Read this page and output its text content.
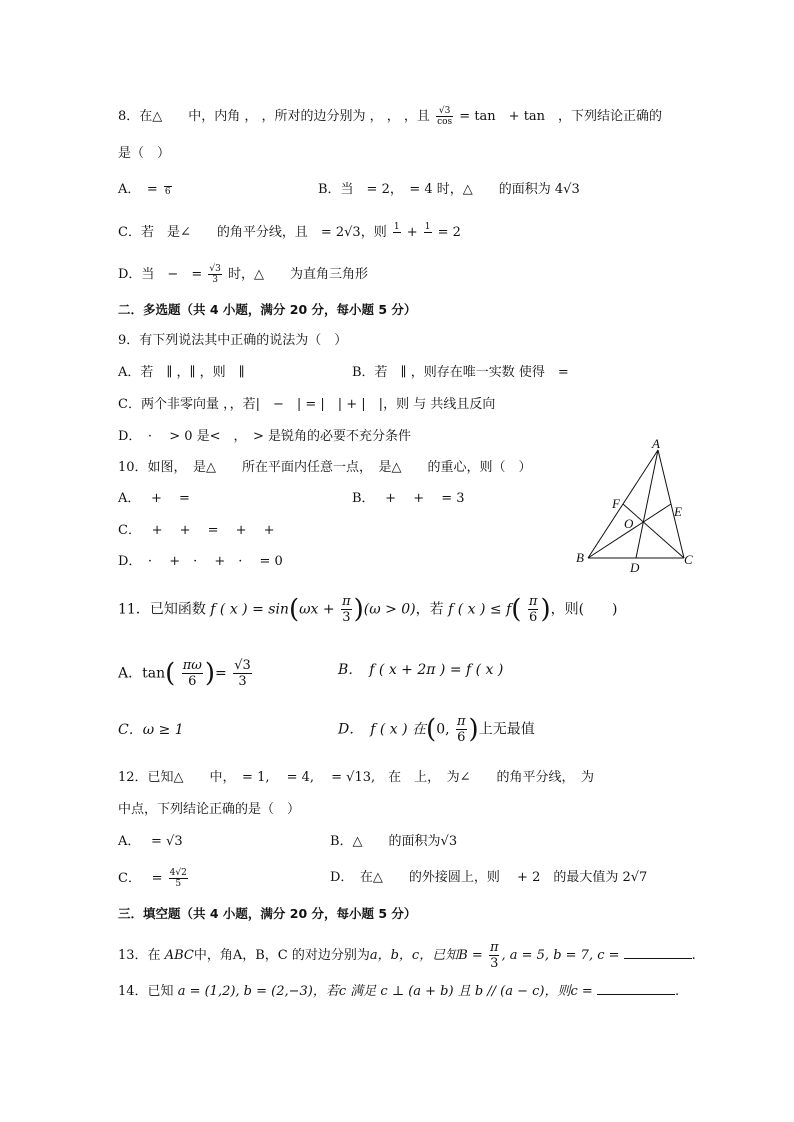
8．在△　　中，内角 ， ，所对的边分别为 ， ， ，且 $\frac{√3}{\cos} = \tan$　+ tan　，下列结论正确的
是（　）
A．　= 6	B．当　= 2，　= 4 时，△　　的面积为 4√3
C．若　是∠　　的角平分线，且　= 2√3，则 1
+ 1
= 2
D．当　−　= $\frac{√3}{3}$ 时，△　　为直角三角形
二．多选题（共 4 小题，满分 20 分，每小题 5 分）
9．有下列说法其中正确的说法为（　）
A．若　∥ ，∥ ，则　∥	B．若　∥ ，则存在唯一实数 使得　=
C．两个非零向量 ，，若|　−　| = |　| + |　|，则 与 共线且反向
D．　· 　> 0 是<　，　> 是锐角的必要不充分条件
10．如图，　是△　　所在平面内任意一点，　是△　　的重心，则（　）
A．　 +　 =	B．　 +　 +　 = 3
C．　 +　 +　 =　 +　 +
D．　·　 +　·　 +　·　 = 0
A
F
E
O
B
D
C
11．已知函数 f ( x ) = $\sin(\omega x + \frac{\pi}{3} )(\omega > 0)$，若 f ( x ) ≤ $f( \frac{\pi}{6}$ )，则(　　)
A．$\tan( \frac{\pi\omega}{6}$ )= $\frac{√3}{3}$	B．　f ( x + 2π ) = f ( x )
C．ω ≥ 1	D．　f ( x ) 在(0, $\frac{\pi}{6}$ )上无最值
12．已知△　　中，　= 1,　 = 4,　 = √13,　在　上，　为∠　　的角平分线，　为
中点，下列结论正确的是（　）
A．　 = √3	B．△　　的面积为√3
C．　 = $\frac{4√2}{5}$	D．　在△　　的外接圆上，则　 + 2　的最大值为 2√7
三．填空题（共 4 小题，满分 20 分，每小题 5 分）
13．在 ABC中，角A，B，C 的对边分别为a，b，c，已知$B = \frac{\pi}{3}$ , a = 5, b = 7, c =	.
14．已知 a = (1,2), b = (2,−3)，若c 满足 c ⊥ (a + b) 且 b // (a − c)，则c =	.
